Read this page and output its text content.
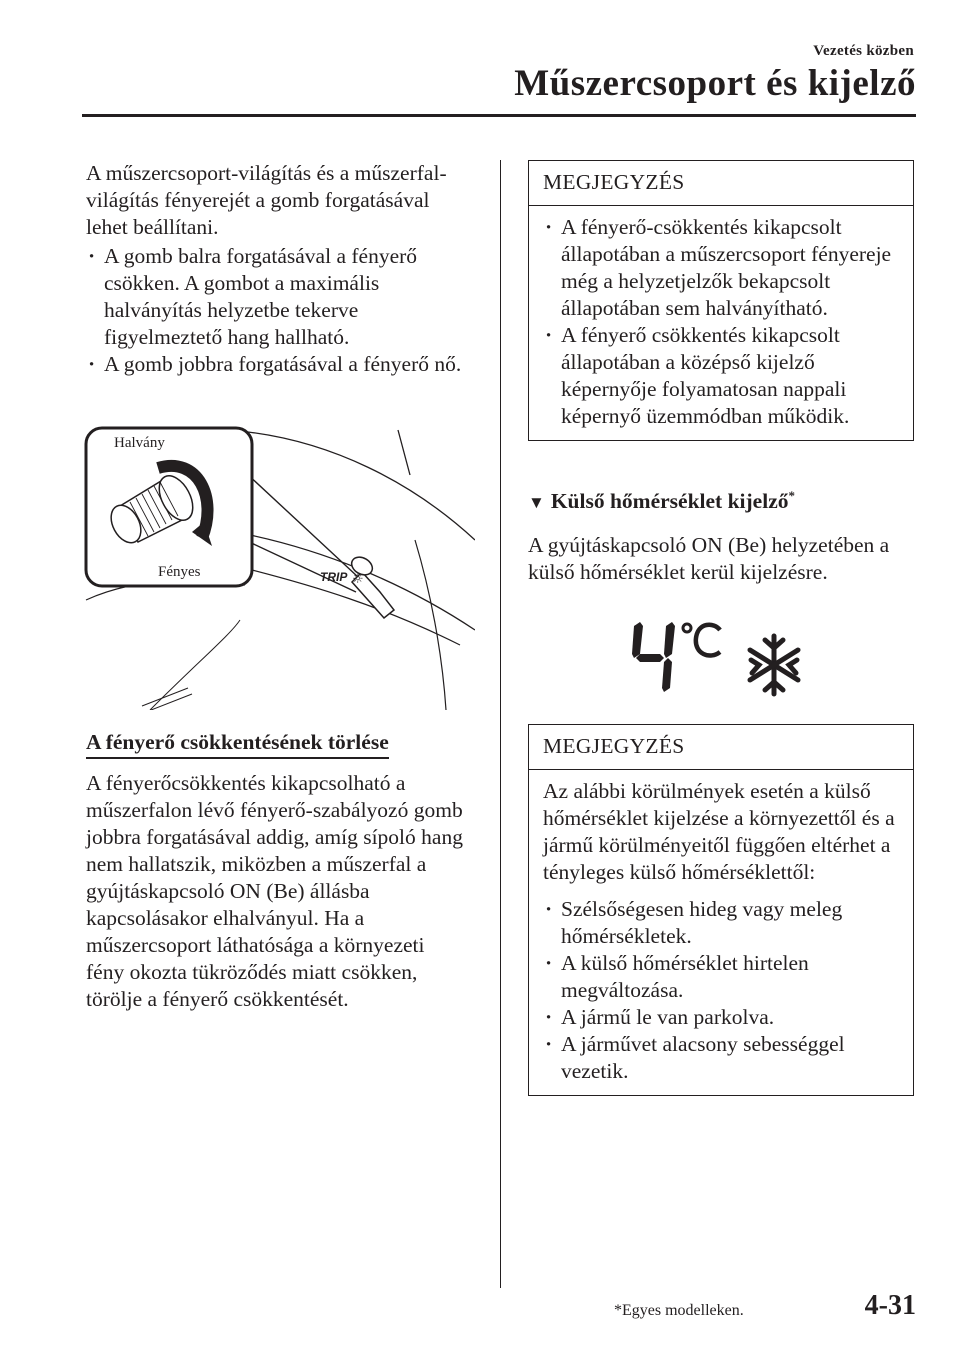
Vezetés közben
Műszercsoport és kijelző
A műszercsoport-világítás és a műszerfal-világítás fényerejét a gomb forgatásával lehet beállítani.
· A gomb balra forgatásával a fényerő csökken. A gombot a maximális halványítás helyzetbe tekerve figyelmeztető hang hallható.
· A gomb jobbra forgatásával a fényerő nő.
TRIP ☼
Halvány
Fényes
A fényerő csökkentésének törlése
A fényerőcsökkentés kikapcsolható a műszerfalon lévő fényerő-szabályozó gomb jobbra forgatásával addig, amíg sípoló hang nem hallatszik, miközben a műszerfal a gyújtáskapcsoló ON (Be) állásba kapcsolásakor elhalványul. Ha a műszercsoport láthatósága a környezeti fény okozta tükröződés miatt csökken, törölje a fényerő csökkentését.
MEGJEGYZÉS
· A fényerő-csökkentés kikapcsolt állapotában a műszercsoport fényereje még a helyzetjelzők bekapcsolt állapotában sem halványítható.
· A fényerő csökkentés kikapcsolt állapotában a középső kijelző képernyője folyamatosan nappali képernyő üzemmódban működik.
▼ Külső hőmérséklet kijelző*
A gyújtáskapcsoló ON (Be) helyzetében a külső hőmérséklet kerül kijelzésre.
MEGJEGYZÉS
Az alábbi körülmények esetén a külső hőmérséklet kijelzése a környezettől és a jármű körülményeitől függően eltérhet a tényleges külső hőmérséklettől:
· Szélsőségesen hideg vagy meleg hőmérsékletek.
· A külső hőmérséklet hirtelen megváltozása.
· A jármű le van parkolva.
· A járművet alacsony sebességgel vezetik.
*Egyes modelleken.	4-31
